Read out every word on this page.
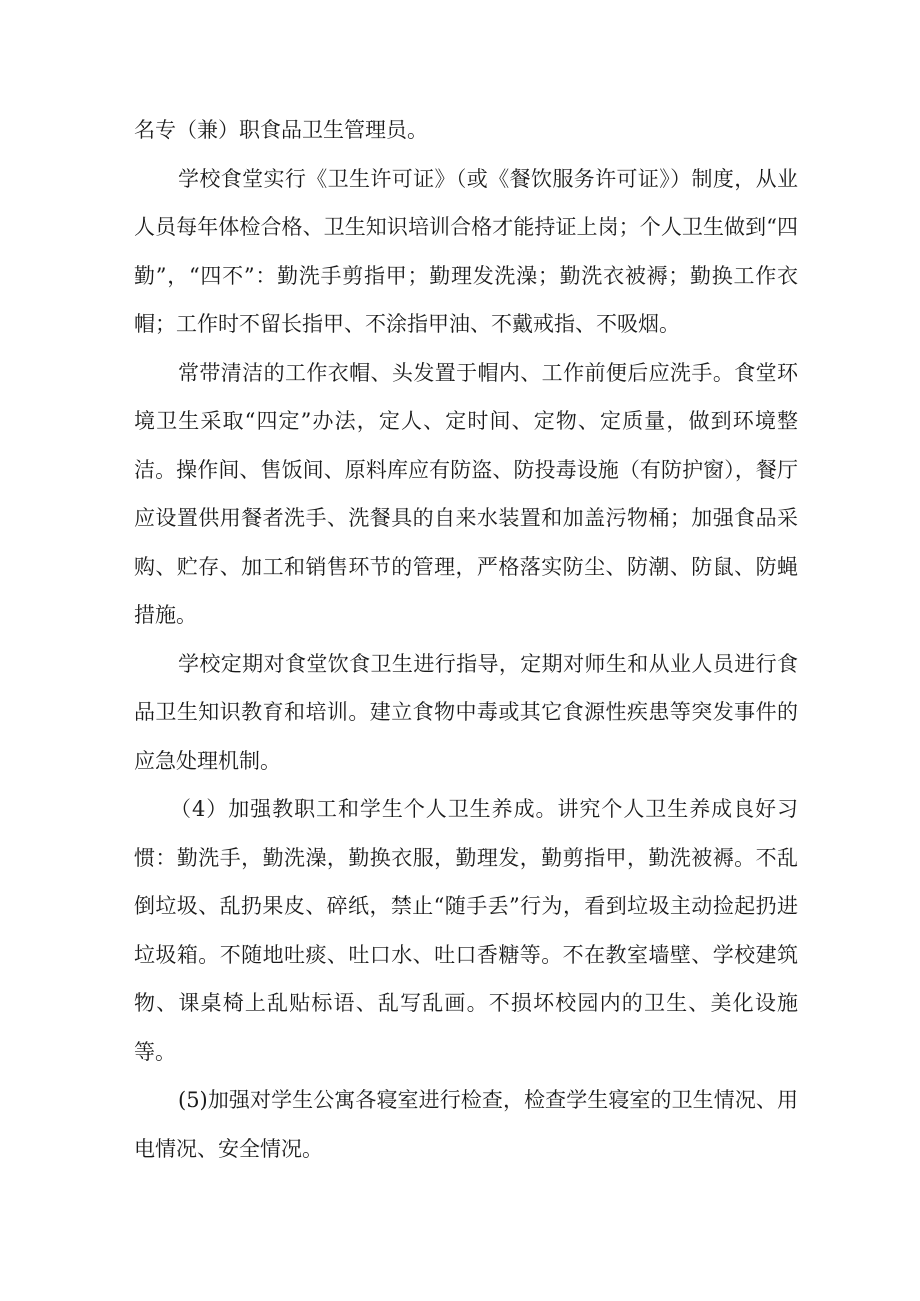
名专（兼）职食品卫生管理员。

学校食堂实行《卫生许可证》（或《餐饮服务许可证》）制度，从业人员每年体检合格、卫生知识培训合格才能持证上岗；个人卫生做到“四勤”，“四不”：勤洗手剪指甲；勤理发洗澡；勤洗衣被褥；勤换工作衣帽；工作时不留长指甲、不涂指甲油、不戴戒指、不吸烟。

常带清洁的工作衣帽、头发置于帽内、工作前便后应洗手。食堂环境卫生采取“四定”办法，定人、定时间、定物、定质量，做到环境整洁。操作间、售饭间、原料库应有防盗、防投毒设施（有防护窗），餐厅应设置供用餐者洗手、洗餐具的自来水装置和加盖污物桶；加强食品采购、贮存、加工和销售环节的管理，严格落实防尘、防潮、防鼠、防蝇措施。

学校定期对食堂饮食卫生进行指导，定期对师生和从业人员进行食品卫生知识教育和培训。建立食物中毒或其它食源性疾患等突发事件的应急处理机制。

（4）加强教职工和学生个人卫生养成。讲究个人卫生养成良好习惯：勤洗手，勤洗澡，勤换衣服，勤理发，勤剪指甲，勤洗被褥。不乱倒垃圾、乱扔果皮、碎纸，禁止“随手丢”行为，看到垃圾主动捡起扔进垃圾箱。不随地吐痰、吐口水、吐口香糖等。不在教室墙壁、学校建筑物、课桌椅上乱贴标语、乱写乱画。不损坏校园内的卫生、美化设施等。

(5)加强对学生公寓各寝室进行检查，检查学生寝室的卫生情况、用电情况、安全情况。
